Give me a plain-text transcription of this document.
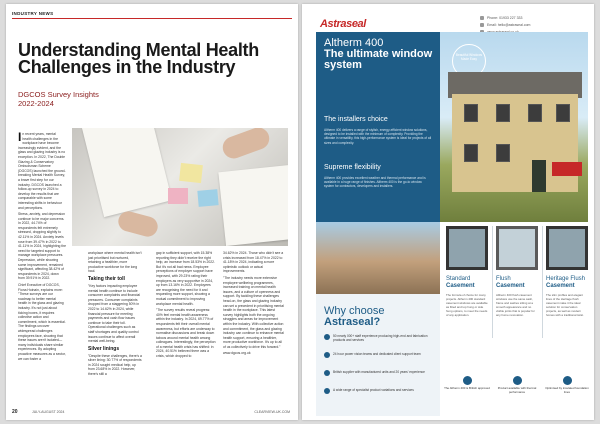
INDUSTRY NEWS
Understanding Mental Health Challenges in the Industry
DGCOS Survey Insights 2022-2024

In recent years, mental health challenges in the workplace have become increasingly evident, and the glass and glazing industry is no exception. In 2022, The Double Glazing & Conservatory Ombudsman Scheme (DGCOS) launched the ground-breaking Mental Health Survey, a brave first step for our industry. DGCOS launched a follow-up survey in 2024 to develop the results that are comparable with some interesting shifts in behaviour and perceptions.

Stress, anxiety, and depression continue to be major concerns. In 2022, 44.74% of respondents felt extremely stressed, dropping slightly to 42.11% in 2024. Anxiety levels rose from 39.47% in 2022 to 41.11% in 2024, highlighting the need for targeted support to manage workplace pressures. Depression, while showing some improvement, remained significant, affecting 38.42% of respondents in 2024, down from 39.91% in 2022.

Chief Executive of DGCOS, Fiona Hoinain, explains more: "These surveys are our roadmap to better mental health in the glass and glazing industry. It's not just about ticking boxes, it requires collective action and commitment, which is essential. The findings uncover widespread challenges employees face, showing that these issues aren't isolated—many individuals share similar experiences. By adopting proactive measures as a sector, we can foster a

workplace where mental health isn't just prioritised but nurtured, retaining a healthier, more productive workforce for the long haul.

Taking their toll

"Key factors impacting employee mental health continue to include consumer complaints and financial pressures. Consumer complaints dropped from a staggering 50% in 2022 to 14.62% in 2024, while financial pressure for meeting payments and cash flow issues continue to take their toll. Operational challenges such as staff shortages and quality control issues continue to affect overall mental well-being.

Silver linings

"Despite these challenges, there's a silver lining: 30.77% of respondents in 2024 sought medical help, up from 23.68% in 2022. However, there's still a

gap in sufficient support, with 15.38% reporting they didn't receive the right help, an increase from 18.53% in 2022. But it's not all bad news. Employee perceptions of employer support have improved, with 29.23% rating their employers as very supportive in 2024, up from 13.16% in 2022. Employees are recognising the need for it and requesting more support, showing a mutual commitment to improving workplace mental health.

"The survey results reveal progress: 40% feel mental health awareness within the industry. In 2024, 69.77% of respondents felt their overall mental awareness, but efforts are underway to normalise discussions and break down taboos around mental health among colleagues. Interestingly, the perception of a mental health crisis has shifted: in 2024, 40.51% believed there was a crisis, which dropped to

34.62% in 2024. Those who didn't see a crisis increased from 18.47% in 2022 to 41.18% in 2024, indicating a more optimistic outlook or actual improvements.

"The industry needs more extensive employee wellbeing programmes, increased training on mental health issues, and a culture of openness and support. By tackling these challenges head-on, the glass and glazing industry can set a precedent in prioritising mental health in the workplace. This latest survey highlights both the ongoing struggles and areas for improvement within the industry. With collective action and commitment, the glass and glazing industry can continue to enhance mental health support, ensuring a healthier, more productive workforce. It's up to all of us collectively to drive this forward."

www.dgcos.org.uk

20	JULY-AUGUST 2024	CLEARVIEW-UK.COM
Astraseal	Phone: 01933 227 333
Email: hello@astraseal.com
Altherm 400
The ultimate window system
The installers choice
Altherm 400 delivers a range of stylish, energy-efficient window solutions, designed to be installed with the minimum of complexity. Providing the ultimate in versatility, this high-performance system is ideal for projects of all sizes and complexity.
Supreme flexibility
Altherm 400 provides excellent weather and thermal performance and is available in a huge range of finishes. Altherm 400 is the go-to window system for contractors, developers and installers.
Beautiful Windows Made Easy
Why choose
Astraseal?
50 nearly 000+ staff experience producing high-end and fabrication products and services
24 hour power vision teams and dedicated client support team
British supplier with manufactured units and 20 years' experience
A wide range of specialist product variations and services
Standard
Casement
The formula of choice for many projects. Altherm 400 standard casement windows are available as fitted and top hung or side hung options, to meet the needs of any application.
Flush
Casement
Altherm 400 flush casement windows use the same sash, frame and sashes sitting at a smooth appearance and no visible joints that is popular for any home renovation.
Heritage Flush
Casement
The slim profiles and elegant lines of the Heritage flush casement make it the ideal solution for conservation projects, as well as modern homes with a traditional twist.
The Altherm 400 is British approved	Product available with thermal performance
Optimised by insulated foundation lines
